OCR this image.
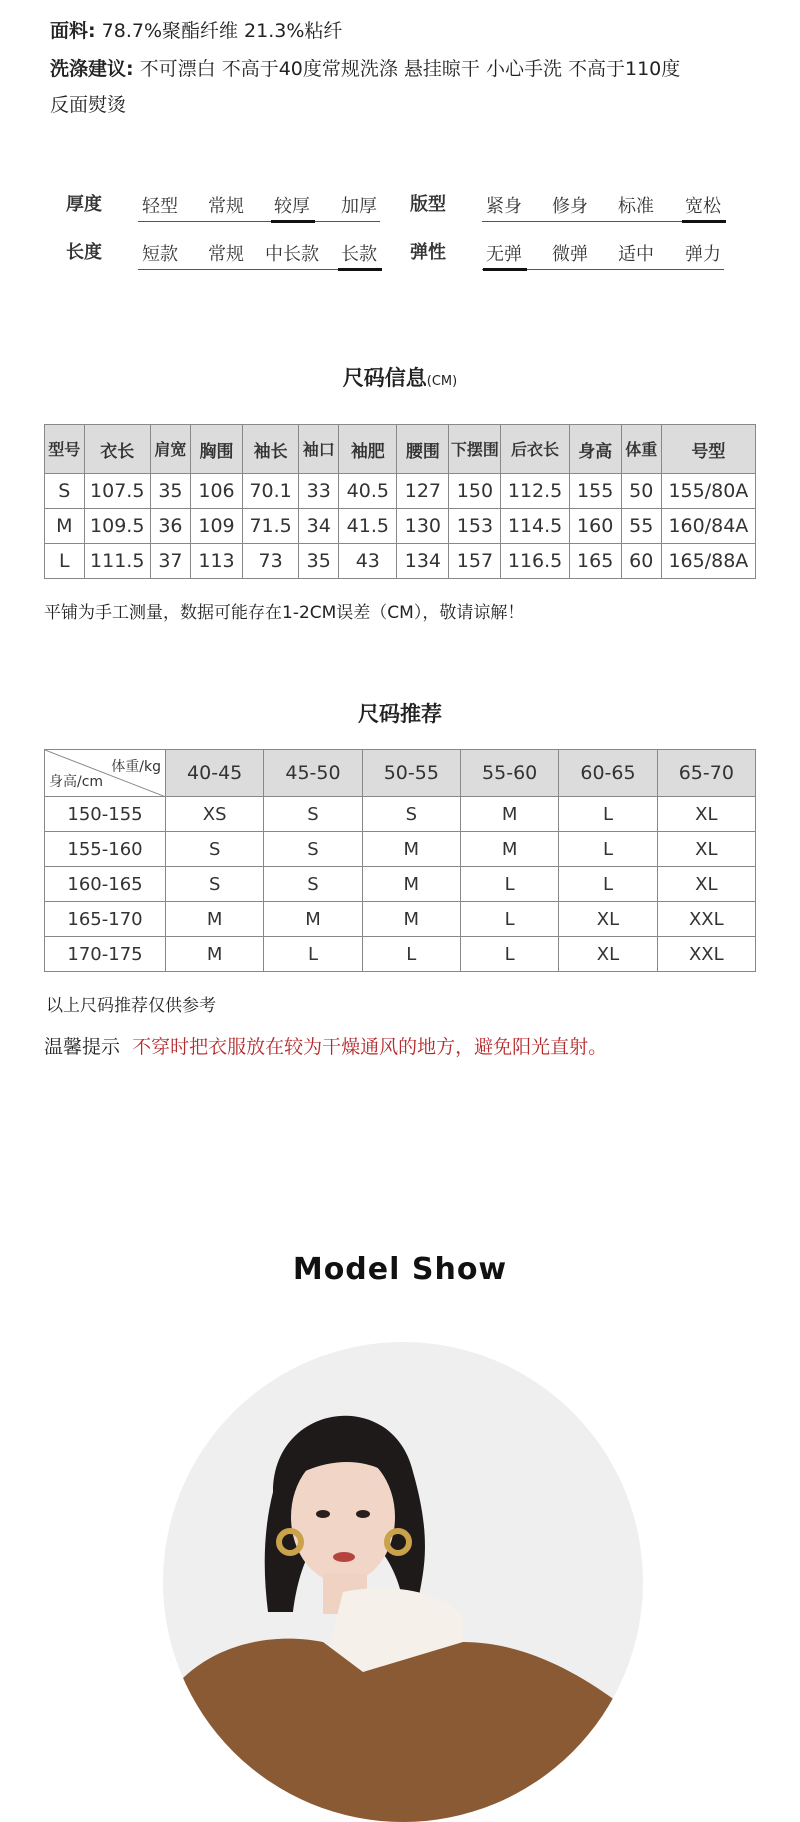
面料: 78.7%聚酯纤维 21.3%粘纤
洗涤建议: 不可漂白 不高于40度常规洗涤 悬挂晾干 小心手洗 不高于110度
反面熨烫
厚度	轻型	常规	较厚	加厚	版型	紧身	修身	标准	宽松
长度	短款	常规	中长款	长款	弹性	无弹	微弹	适中	弹力
尺码信息(CM)
型号	衣长	肩宽	胸围	袖长	袖口	袖肥	腰围	下摆围	后衣长	身高	体重	号型
S	107.5	35	106	70.1	33	40.5	127	150	112.5	155	50	155/80A
M	109.5	36	109	71.5	34	41.5	130	153	114.5	160	55	160/84A
L	111.5	37	113	73	35	43	134	157	116.5	165	60	165/88A
平铺为手工测量，数据可能存在1-2CM误差（CM），敬请谅解！
尺码推荐
体重/kg
身高/cm	40-45	45-50	50-55	55-60	60-65	65-70
150-155	XS	S	S	M	L	XL
155-160	S	S	M	M	L	XL
160-165	S	S	M	L	L	XL
165-170	M	M	M	L	XL	XXL
170-175	M	L	L	L	XL	XXL
以上尺码推荐仅供参考
温馨提示 不穿时把衣服放在较为干燥通风的地方，避免阳光直射。
Model Show
